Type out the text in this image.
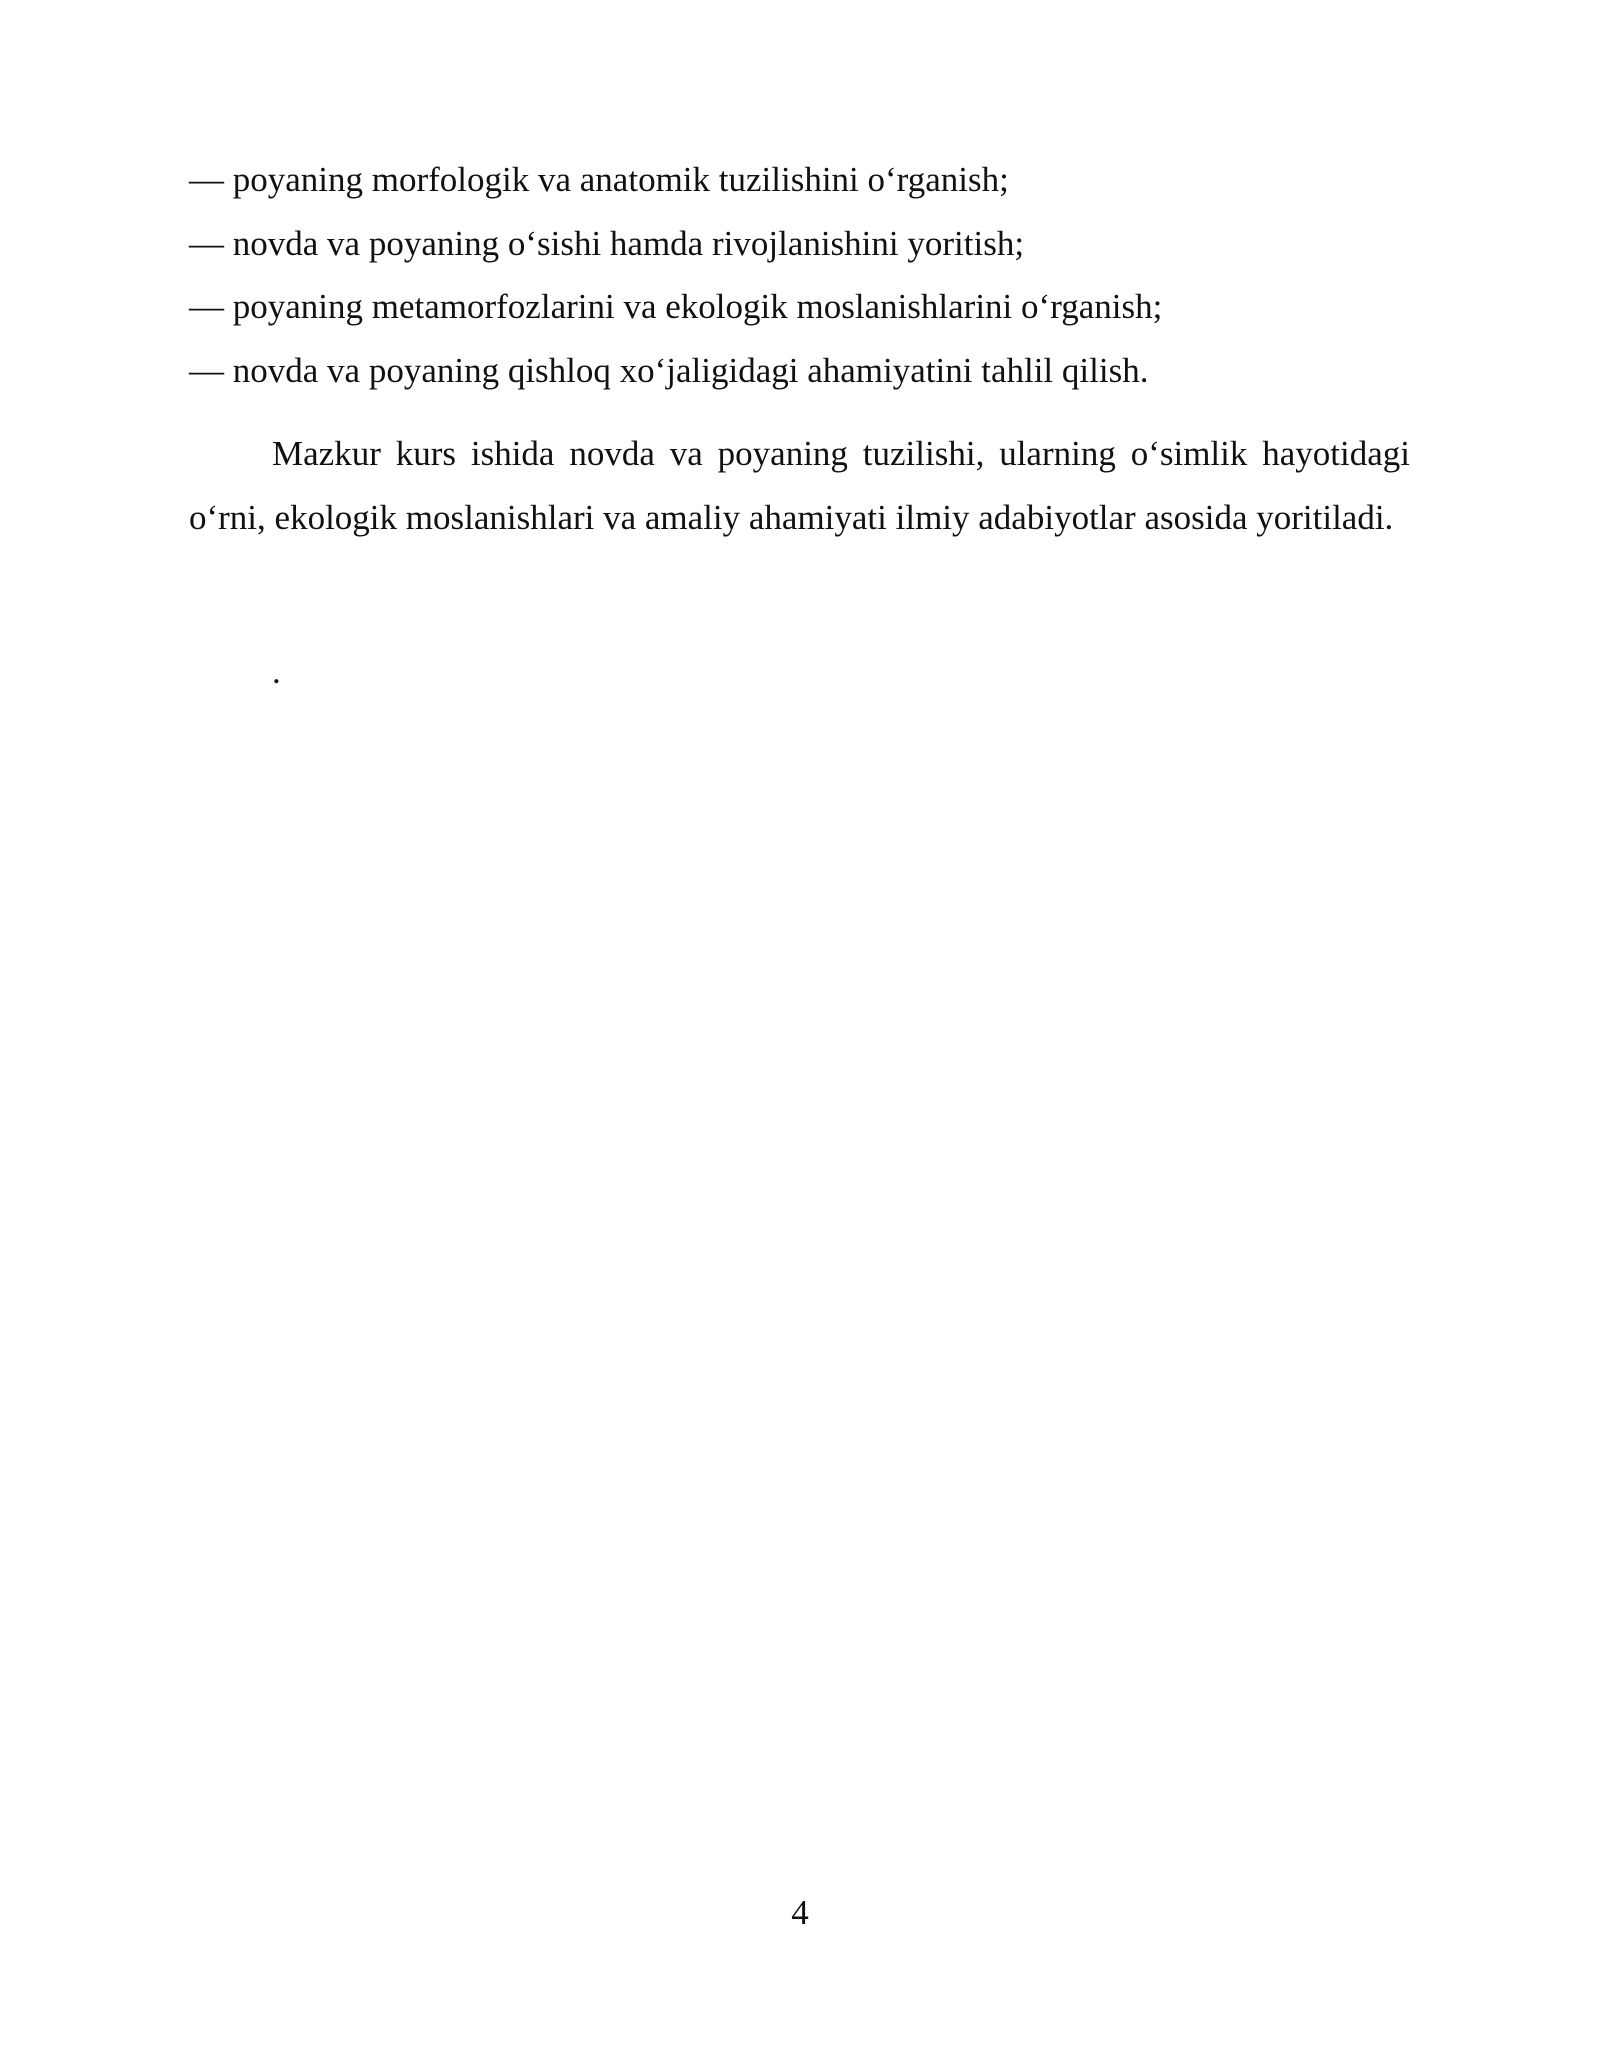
— poyaning morfologik va anatomik tuzilishini o‘rganish;
— novda va poyaning o‘sishi hamda rivojlanishini yoritish;
— poyaning metamorfozlarini va ekologik moslanishlarini o‘rganish;
— novda va poyaning qishloq xo‘jaligidagi ahamiyatini tahlil qilish.

Mazkur kurs ishida novda va poyaning tuzilishi, ularning o‘simlik hayotidagi o‘rni, ekologik moslanishlari va amaliy ahamiyati ilmiy adabiyotlar asosida yoritiladi.

.
4
